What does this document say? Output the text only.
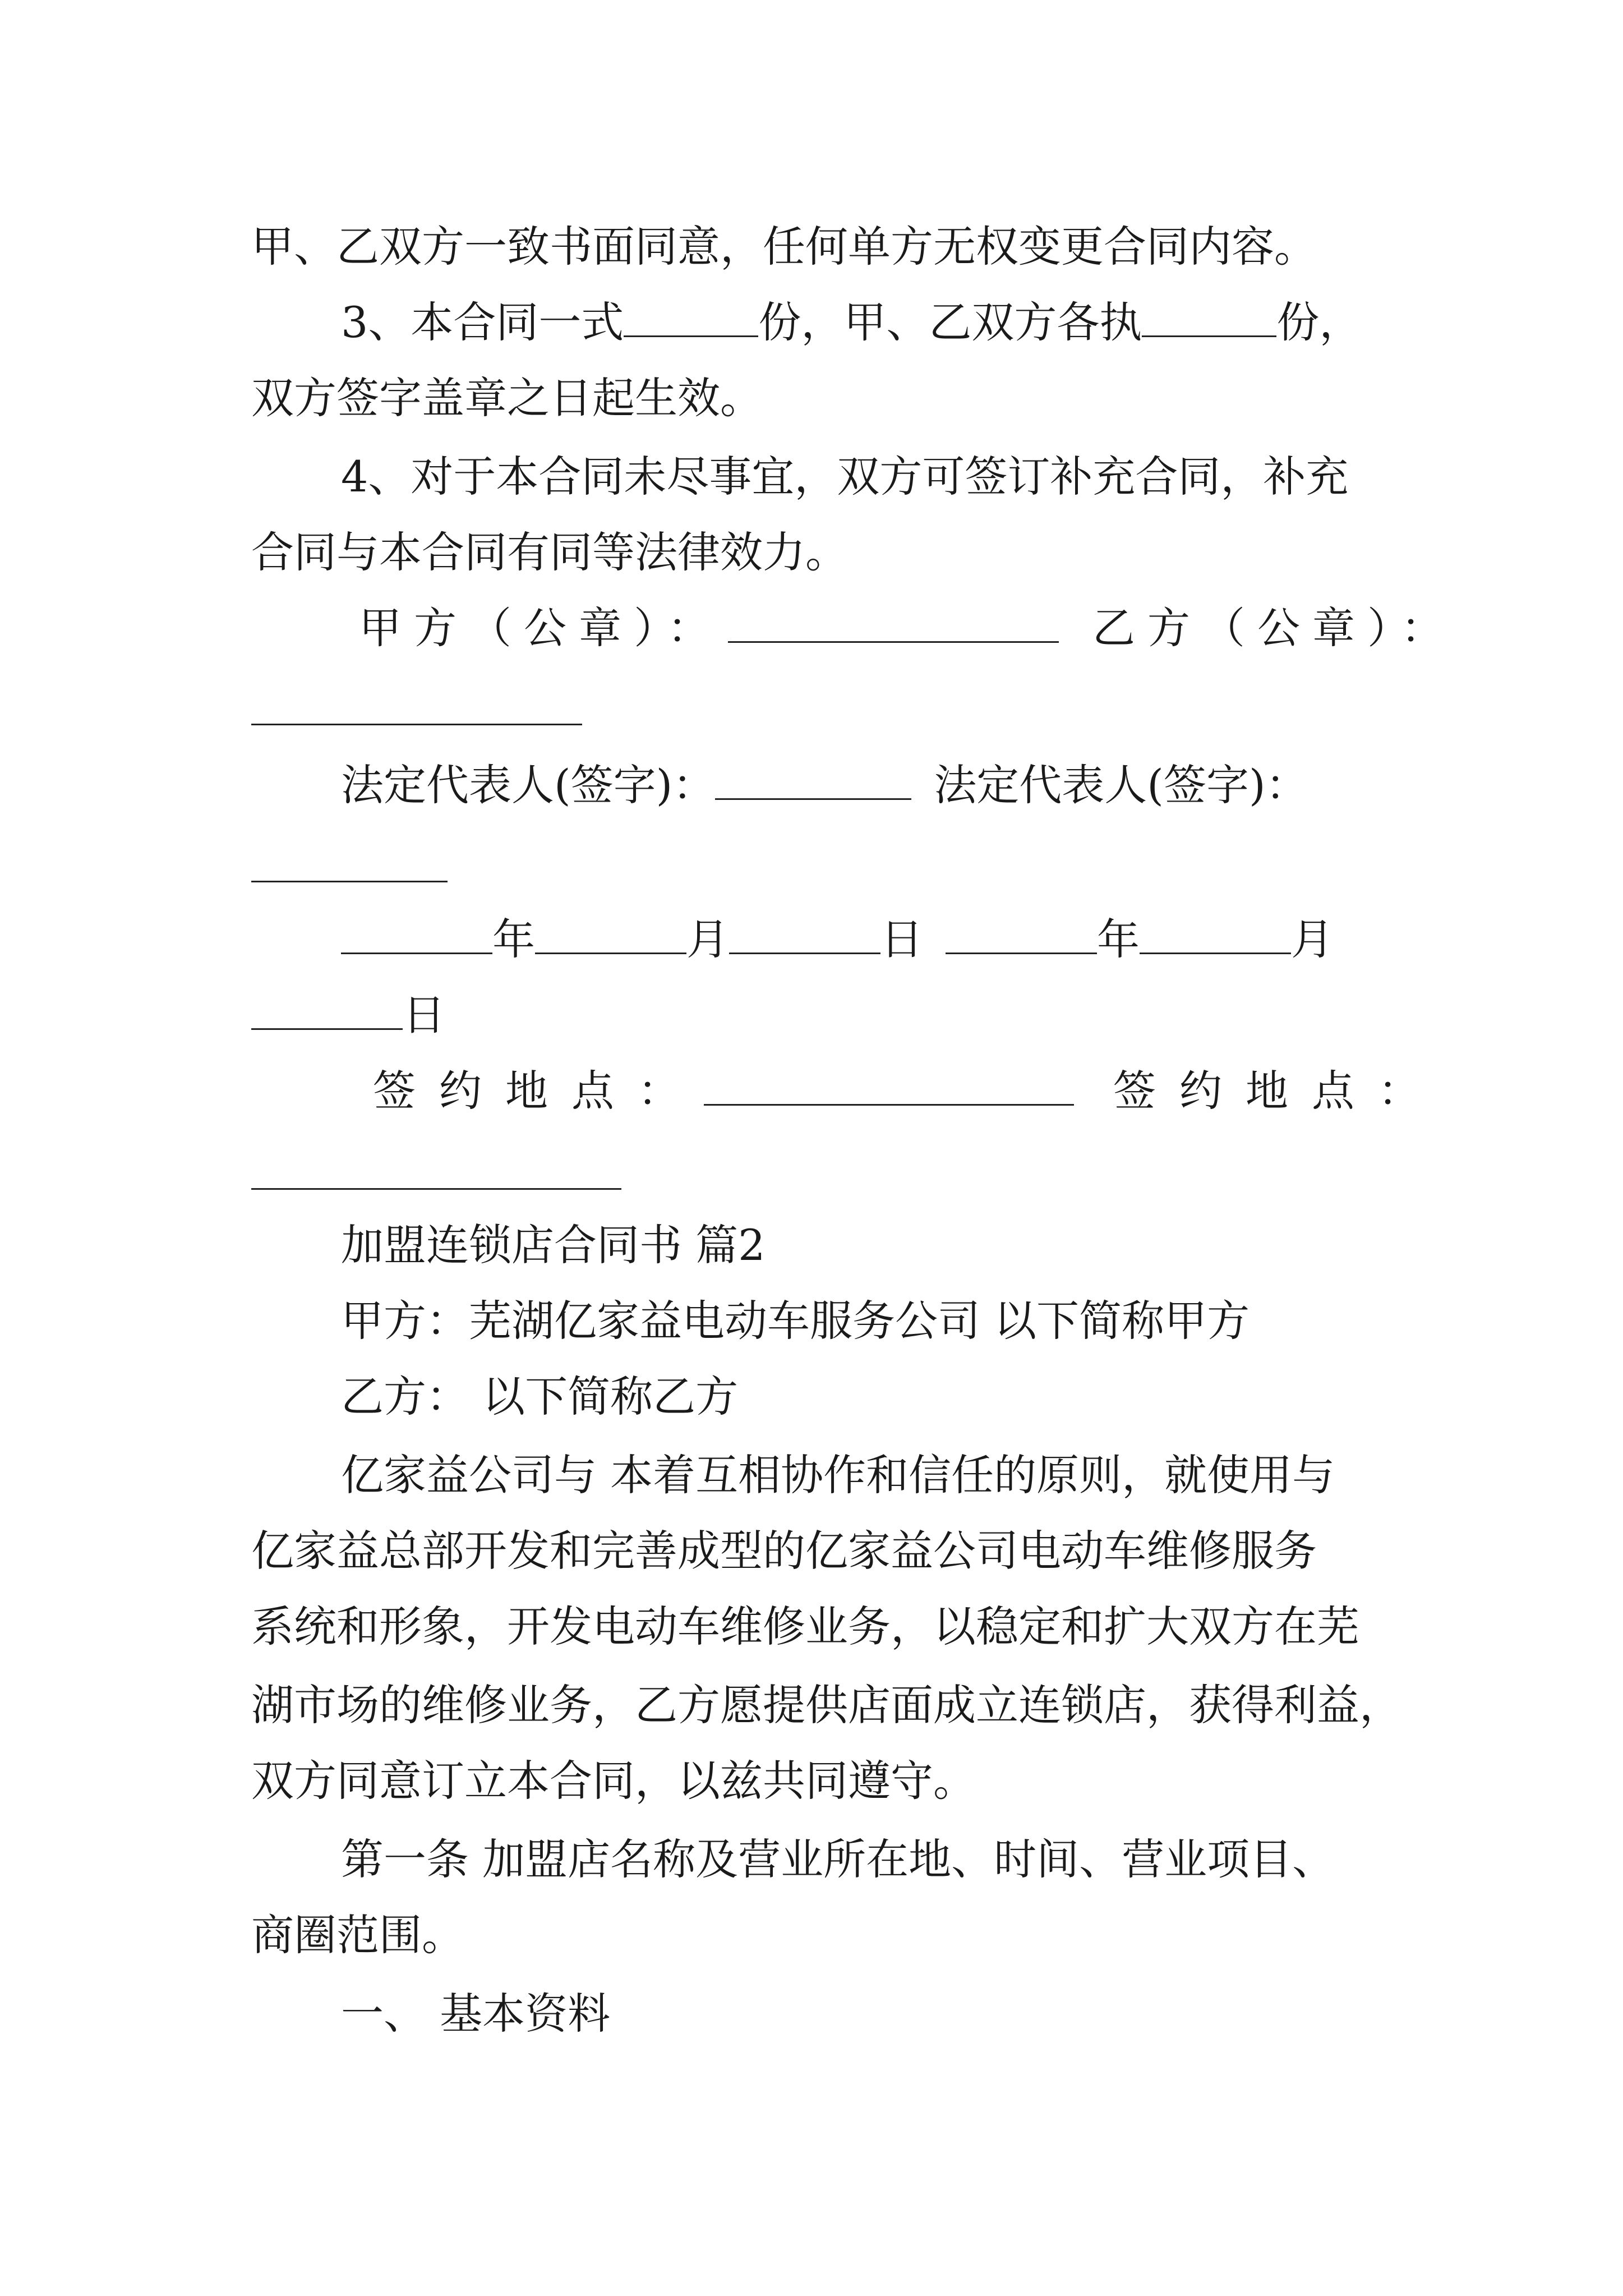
甲、乙双方一致书面同意，任何单方无权变更合同内容。
3、本合同一式	份，甲、乙双方各执	份，
双方签字盖章之日起生效。
4、对于本合同未尽事宜，双方可签订补充合同，补充
合同与本合同有同等法律效力。
甲方（公章）：	乙方（公章）：
法定代表人(签字)：	法定代表人(签字)：
年	月	日	年	月
日
签约地点：	签约地点：
加盟连锁店合同书 篇2
甲方：芜湖亿家益电动车服务公司 以下简称甲方
乙方： 以下简称乙方
亿家益公司与 本着互相协作和信任的原则，就使用与
亿家益总部开发和完善成型的亿家益公司电动车维修服务
系统和形象，开发电动车维修业务，以稳定和扩大双方在芜
湖市场的维修业务，乙方愿提供店面成立连锁店，获得利益，
双方同意订立本合同，以兹共同遵守。
第一条 加盟店名称及营业所在地、时间、营业项目、
商圈范围。
一、 基本资料
